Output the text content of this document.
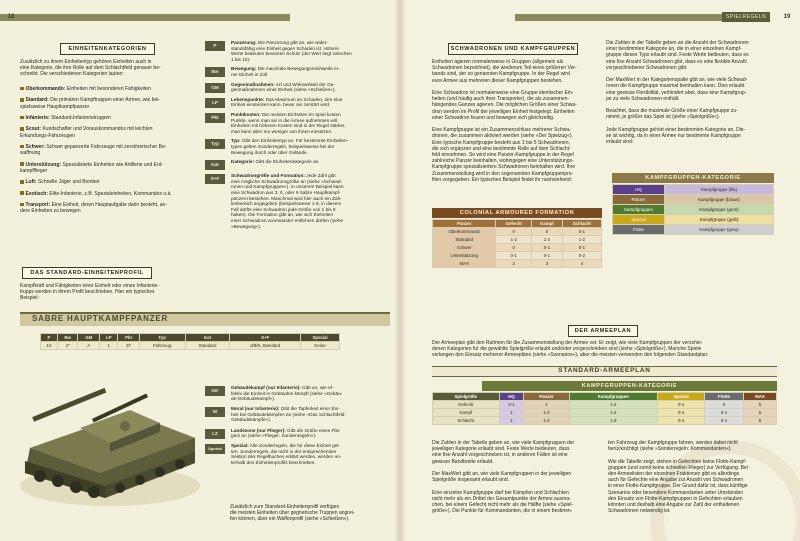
18
EINHEITENKATEGORIEN
Zusätzlich zu ihrem Einheitentyp gehören Einheiten auch in
eine Kategorie, die ihre Rolle auf dem Schlachtfeld genauer be-
schreibt. Die verschiedenen Kategorien lauten:
Oberkommando: Einheiten mit besonderen Fähigkeiten
Standard: Die primären Kampftruppen einer Armee, wie bei-
spielsweise Hauptkampfpanzer
Infanterie: Standard-Infanterietruppen
Scout: Kundschafter und Vorauskommandos mit leichten
Erkundungs-Fahrzeugen
Schwer: Schwer gepanzerte Fahrzeuge mit zerstörerischer Be-
waffnung
Unterstützung: Spezialisierte Einheiten wie Artillerie und Erd-
kampfflieger
Luft: Schnelle Jäger und Bomber
Exotisch: Elite-Infanterie, z.B. Spezialeinheiten, Kommandos o.ä.
Transport: Eine Einheit, deren Hauptaufgabe darin besteht, an-
dere Einheiten zu bewegen
DAS STANDARD-EINHEITENPROFIL
Kampfkraft und Fähigkeiten einer Einheit oder eines Infanterie-
trupps werden in ihrem Profil beschrieben. Hier ein typisches
Beispiel:
P
Panzerung: Die Panzerung gibt an, wie wider-
standsfähig eine Einheit gegen Schaden ist. Höhere
Werte bedeuten besseren Schutz (der Wert liegt zwischen
1 bis 10).
Bw
Bewegung: Die maximale Bewegungsreichweite ei-
ner Einheit in Zoll
GM
Gegenmaßnahmen: Art und Wirksamkeit der Ge-
genmaßnahmen einer Einheit (siehe »Schießen«).
LP
Lebenspunkte: Das Maximum an Schaden, den eine
Einheit einstecken kann, bevor sie zerstört wird.
Pkt
Punktkosten: Die meisten Einheiten im Spiel kosten
Punkte, wenn man sie in die Armee aufnehmen will.
Einheiten mit höheren Kosten sind in der Regel stärker,
man kann aber nur weniger von ihnen einsetzen.
Typ
Typ: Gibt den Einheitentyp an. Für bestimmte Einheiten-
typen gelten Sonderregeln, beispielsweise bei der
Bewegung durch oder über Gelände.
Kat
Kategorie: Gibt die Einheitenkategorie an.
S+F
Schwadrongröße und Formation: Jede Zahl gibt
eine mögliche Schwadronsgröße an (siehe »Schwad-
ronen und Kampfgruppen«). In unserem Beispiel kann
eine Schwadron aus 3, 6, oder 9 Sabre Hauptkampf-
panzern bestehen. Manchmal wird hier auch ein Zah-
lenbereich angegeben (beispielsweise 1-9, in diesem
Fall dürfte eine Schwadron jede Größe von 1 bis 9
haben). Die Formation gibt an, wie sich Einheiten
einer Schwadron voneinander entfernen dürfen (siehe
»Bewegung«).
SABRE HAUPTKAMPFPANZER
P	Bw	GM	LP	Pkt	Typ	Kat	S+F	Spezial
10	4"	A	1	37	Fahrzeug	Standard	3/8/9, Standard	Keine
GK
Gebäudekampf (nur Infanterie): Gibt an, wie ef-
fektiv die Einheit in Gebäuden kämpft (siehe »Gebäu-
de-Gebäudekampf«).
M
Moral (nur Infanterie): Gibt die Tapferkeit einer Ein-
heit bei Gebäudekämpfen an (siehe »Das Schlachtfeld:
Gebäudekämpfe«).
LZ
Landezone (nur Flieger): Gibt die Größe eines Flie-
gers an (siehe »Flieger: Sondenregeln«).
Spezial
Spezial: Alle Sonderregeln, die für diese Einheit gel-
ten. Sonderregeln, die nicht in der entsprechenden
Sektion des Regelbuches erklärt werden, werden un-
terhalb des Einheitenprofils beschrieben.
Zusätzlich zum Standard-Einheitenprofil verfügen
die meisten Einheiten über gegnerische Truppen angrei-
fen können, über ein Waffenprofil (siehe »Schießen«).
SPIELREGELN	19
SCHWADRONEN UND KAMPFGRUPPEN
Einheiten agieren normalerweise in Gruppen (allgemein als
Schwadronen bezeichnet), die wiederum Teil eines größeren Ver-
bands sind, der so genannten Kampfgruppe. In der Regel wird
eure Armee aus mehreren dieser Kampfgruppen bestehen.

Eine Schwadron ist normalerweise eine Gruppe identischer Ein-
heiten (und häufig auch ihrer Transporter), die als zusammen-
hängendes Ganzes agieren. Die möglichen Größen einer Schwa-
dron werden im Profil der jeweiligen Einheit festgelegt. Einheiten
einer Schwadron feuern und bewegen sich gleichzeitig.

Eine Kampfgruppe ist ein Zusammenschluss mehrerer Schwa-
dronen, die zusammen aktiviert werden (siehe »Der Spielzug«).
Eine typische Kampfgruppe besteht aus 1 bis 5 Schwadronen,
die sich ergänzen und eine bestimmte Rolle auf dem Schlacht-
feld einnehmen. So wird eine Panzer-Kampfgruppe in der Regel
zahlreiche Panzer beinhalten, wohingegen eine Unterstützungs-
Kampfgruppe spezialisiertere Schwadronen beinhalten wird. Ihre
Zusammenstellung wird in den sogenannten Kampfgruppenpro-
filen vorgegeben. Ein typisches Beispiel findet ihr nachstehend:
Die Zahlen in der Tabelle geben an die Anzahl der Schwadronen
einer bestimmten Kategorie an, die in einer einzelnen Kampf-
gruppe dieses Typs erlaubt sind. Feste Werte bedeuten, dass es
eine fixe Anzahl Schwadronen gibt, dass es eine flexible Anzahl
vorgeschriebener Schwadronen gibt.

Der MaxWert in der Kategorienspalte gibt an, wie viele Schwad-
ronen die Kampfgruppe maximal beinhalten kann. Dies erlaubt
eine gewisse Flexibilität, verhindert aber, dass eine Kampfgrup-
pe zu viele Schwadronen enthält.

Beachtet, dass die maximale Größe einer Kampfgruppe zu-
nimmt, je größer das Spiel ist (siehe »Spielgröße«).

Jede Kampfgruppe gehört einer bestimmten Kategorie an. Die-
se ist wichtig, da in einer Armee nur bestimmte Kampfgruppe
erlaubt sind:
COLONIAL ARMOURED FORMATION
Panzer	Gefecht	Kampf	Schlacht
Oberkommando	0	0	0-1
Standard	1-2	1-2	1-2
Schwer	0	0-1	0-1
Unterstützung	0-1	0-1	0-2
MAX	2	3	4
KAMPFGRUPPEN-KATEGORIE
HQ	Kampfgruppe (lila)
Panzer	Kampfgruppe (braun)
Kampfgruppen	Kampfgruppe (grün)
Spezial	Kampfgruppe (gelb)
Flotte	Kampfgruppe (grau)
DER ARMEEPLAN
Der Armeeplan gibt den Rahmen für die Zusammenstellung der Armee vor. Er zeigt, wie viele Kampfgruppen der verschie-
denen Kategorien für die gewählte Spielgröße erlaubt und/oder vorgeschrieben sind (siehe »Spielgröße«). Manche Spiele
verlangen den Einsatz mehrerer Armeepläne (siehe »Szenarios«), aber die meisten verwenden den folgenden Standardplan:
STANDARD-ARMEEPLAN
KAMPFGRUPPEN-KATEGORIE
Spielgröße	HQ	Panzer	Kampfgruppen	Spezial	Flotte	MAX
Gefecht	0-1	1	1-2	0-1	0	5
Kampf	1	1-2	1-2	0-2	0-1	6
Schlacht	1	1-2	1-3	0-2	0-1	8
Die Zahlen in der Tabelle geben an, wie viele Kampfgruppen der
jeweiligen Kategorie erlaubt sind. Feste Werte bedeuten, dass
eine fixe Anzahl vorgeschrieben ist, in anderen Fällen ist eine
gewisse Bandbreite erlaubt.

Der MaxWert gibt an, wie viele Kampfgruppen in der jeweiligen
Spielgröße insgesamt erlaubt sind.

Eine einzelne Kampfgruppe darf bei Kämpfen und Schlachten
nicht mehr als ein Drittel der Gesamtpunkte der Armee ausma-
chen, bei einem Gefecht nicht mehr als die Hälfte (siehe »Spiel-
größe«). Die Punkte für Kommandanten, die in einem bestimm-
ten Fahrzeug der Kampfgruppe fahren, werden dabei nicht
berücksichtigt (siehe »Sonderregeln: Kommandanten«).

Wie die Tabelle zeigt, stehen in Gefechten keine Flotte-Kampf-
gruppen (und somit keine schnellen Flieger) zur Verfügung. Bei
den Armeelisten der einzelnen Fraktionen gibt es allerdings
auch für Gefechte eine Angabe zur Anzahl von Schwadronen
in einer Flotte-Kampfgruppe. Der Grund dafür ist, dass künftige
Szenarios oder besondere Kommandanten unter Umständen
den Einsatz von Flotte-Kampfgruppen in Gefechten erlauben
könnten und deshalb eine Angabe zur Zahl der enthaltenen
Schwadronen notwendig ist.
